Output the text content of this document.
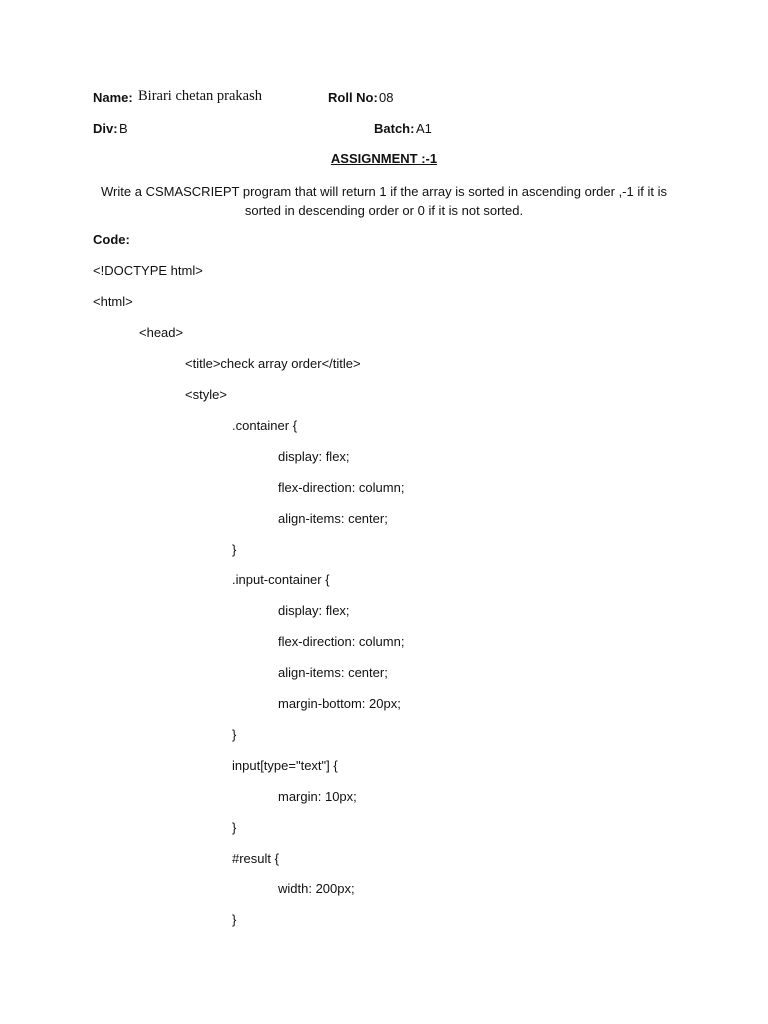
Name: Birari chetan prakash	Roll No: 08
Div: B	Batch: A1
ASSIGNMENT :-1
Write a CSMASCRIEPT program that will return 1 if the array is sorted in ascending order ,-1 if it is
sorted in descending order or 0 if it is not sorted.
Code:
<!DOCTYPE html>
<html>
<head>
<title>check array order</title>
<style>
.container {
display: flex;
flex-direction: column;
align-items: center;
}
.input-container {
display: flex;
flex-direction: column;
align-items: center;
margin-bottom: 20px;
}
input[type="text"] {
margin: 10px;
}
#result {
width: 200px;
}
